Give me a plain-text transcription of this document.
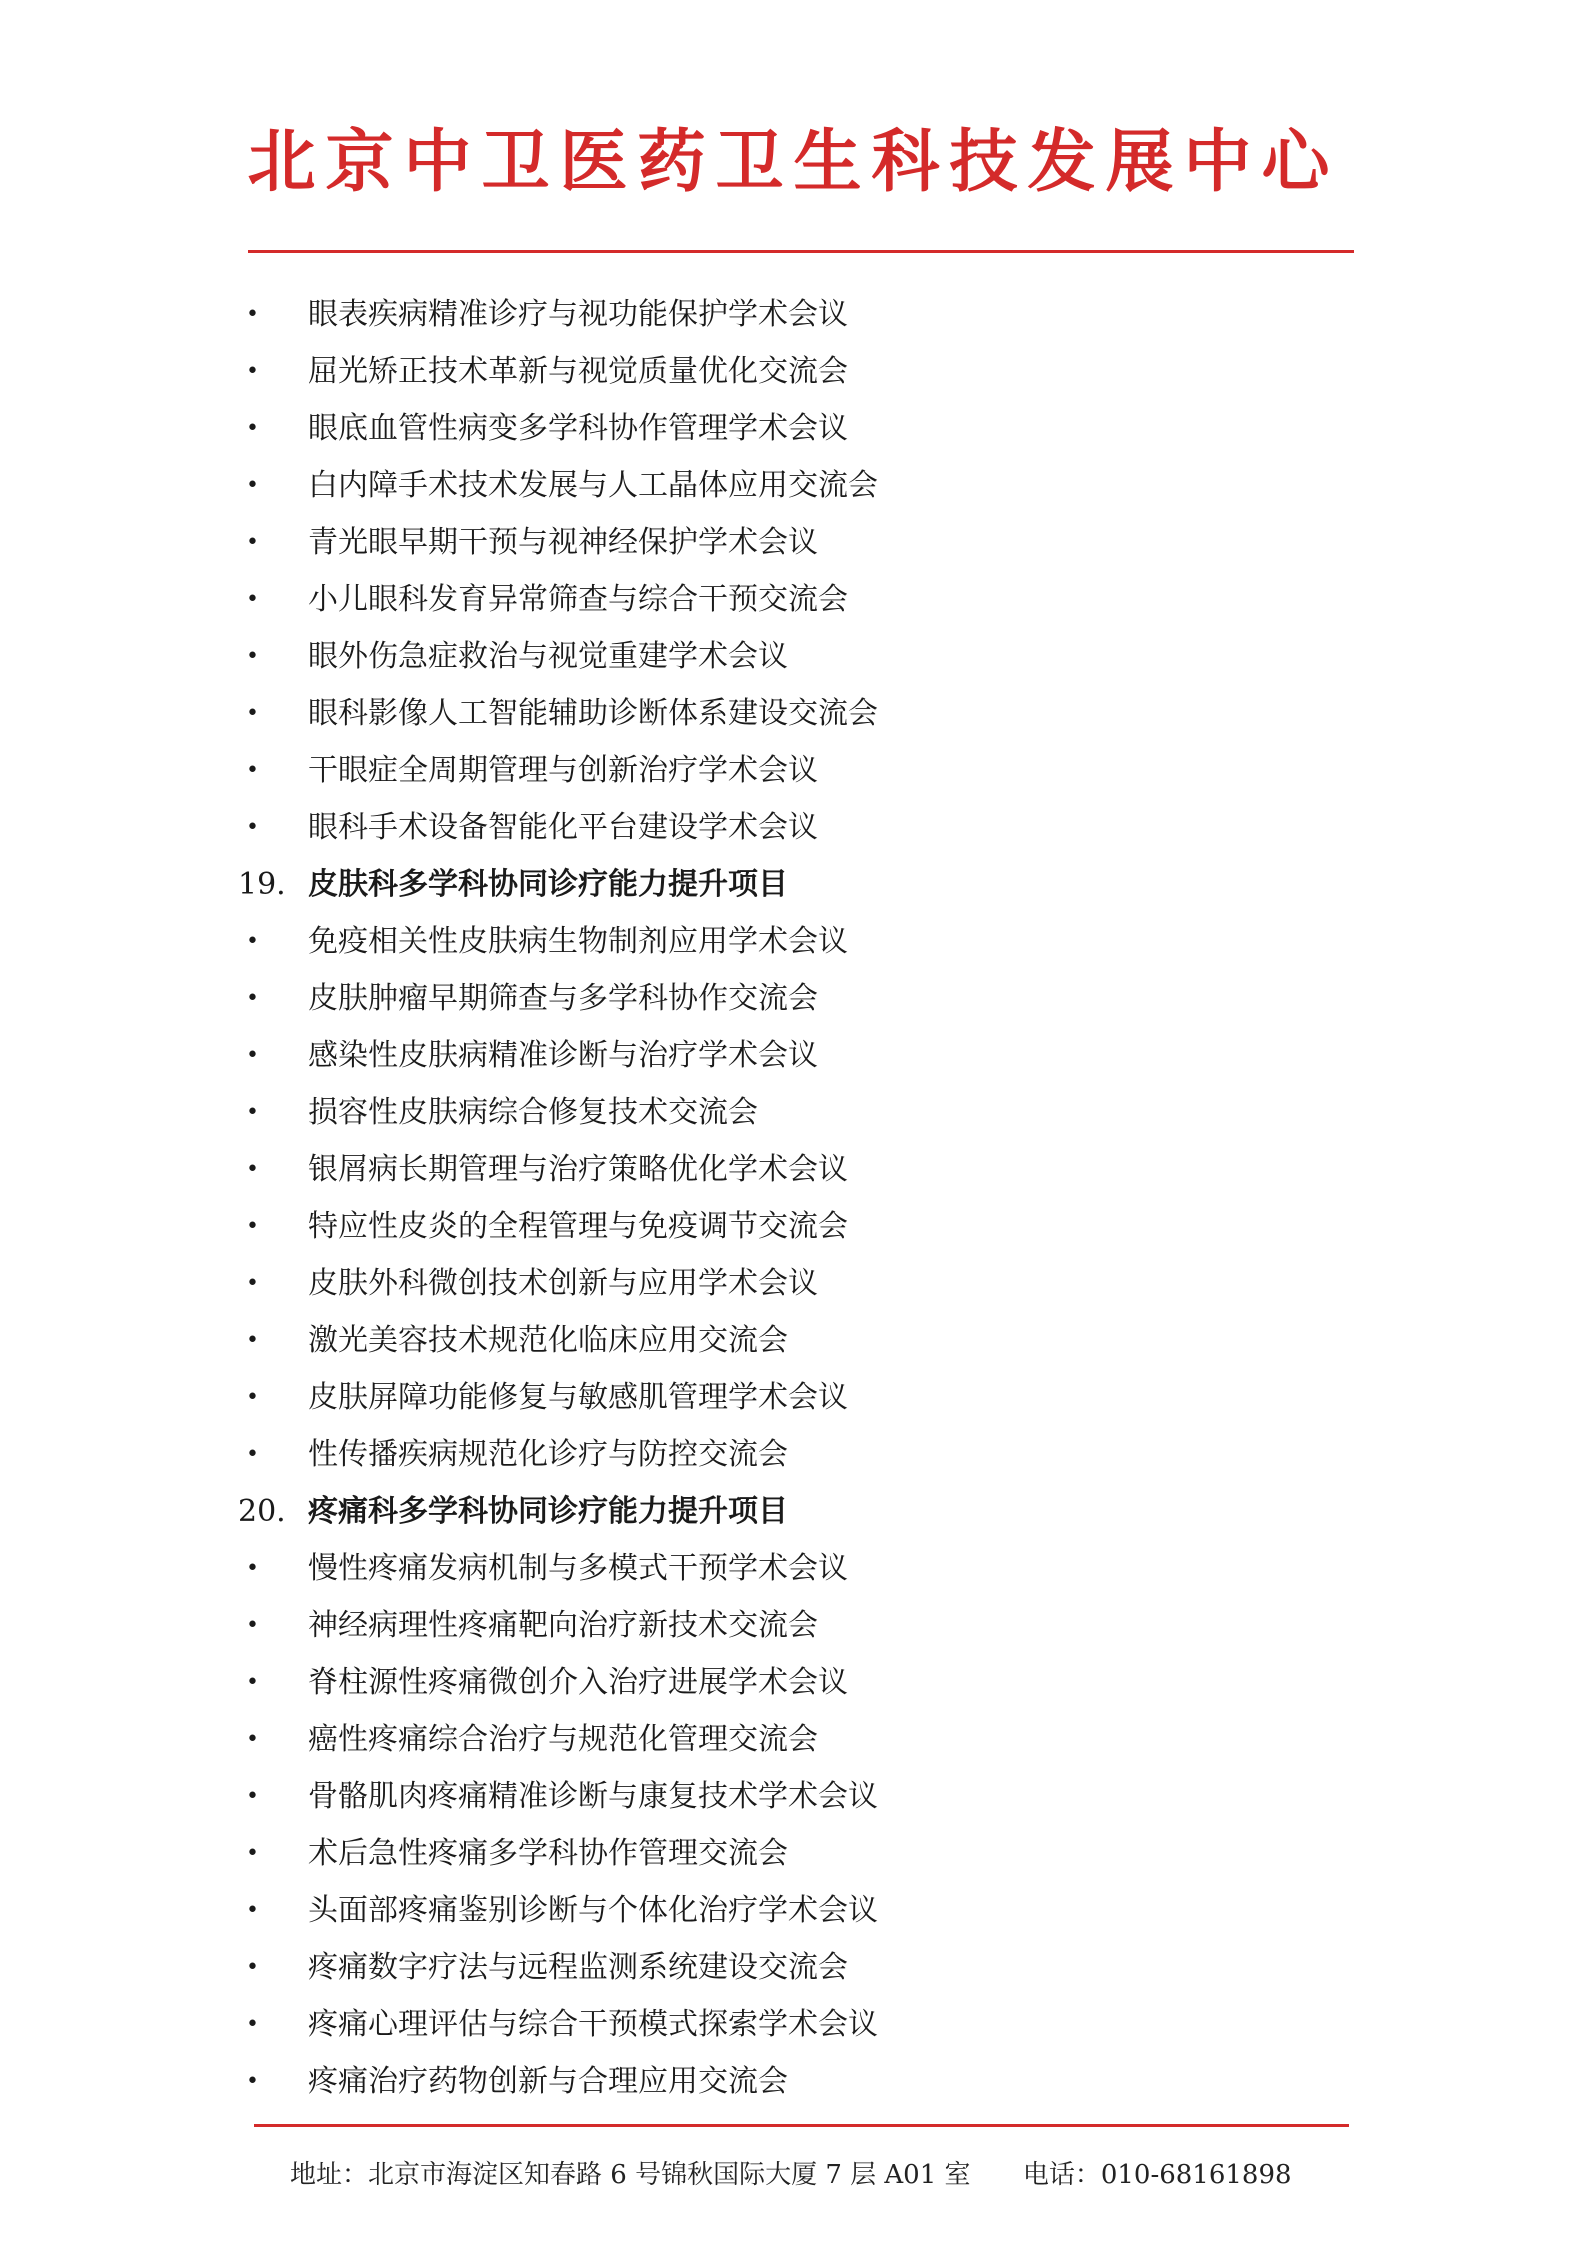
北京中卫医药卫生科技发展中心
• 眼表疾病精准诊疗与视功能保护学术会议
• 屈光矫正技术革新与视觉质量优化交流会
• 眼底血管性病变多学科协作管理学术会议
• 白内障手术技术发展与人工晶体应用交流会
• 青光眼早期干预与视神经保护学术会议
• 小儿眼科发育异常筛查与综合干预交流会
• 眼外伤急症救治与视觉重建学术会议
• 眼科影像人工智能辅助诊断体系建设交流会
• 干眼症全周期管理与创新治疗学术会议
• 眼科手术设备智能化平台建设学术会议
19. 皮肤科多学科协同诊疗能力提升项目
• 免疫相关性皮肤病生物制剂应用学术会议
• 皮肤肿瘤早期筛查与多学科协作交流会
• 感染性皮肤病精准诊断与治疗学术会议
• 损容性皮肤病综合修复技术交流会
• 银屑病长期管理与治疗策略优化学术会议
• 特应性皮炎的全程管理与免疫调节交流会
• 皮肤外科微创技术创新与应用学术会议
• 激光美容技术规范化临床应用交流会
• 皮肤屏障功能修复与敏感肌管理学术会议
• 性传播疾病规范化诊疗与防控交流会
20. 疼痛科多学科协同诊疗能力提升项目
• 慢性疼痛发病机制与多模式干预学术会议
• 神经病理性疼痛靶向治疗新技术交流会
• 脊柱源性疼痛微创介入治疗进展学术会议
• 癌性疼痛综合治疗与规范化管理交流会
• 骨骼肌肉疼痛精准诊断与康复技术学术会议
• 术后急性疼痛多学科协作管理交流会
• 头面部疼痛鉴别诊断与个体化治疗学术会议
• 疼痛数字疗法与远程监测系统建设交流会
• 疼痛心理评估与综合干预模式探索学术会议
• 疼痛治疗药物创新与合理应用交流会
地址：北京市海淀区知春路 6 号锦秋国际大厦 7 层 A01 室 电话：010-68161898
